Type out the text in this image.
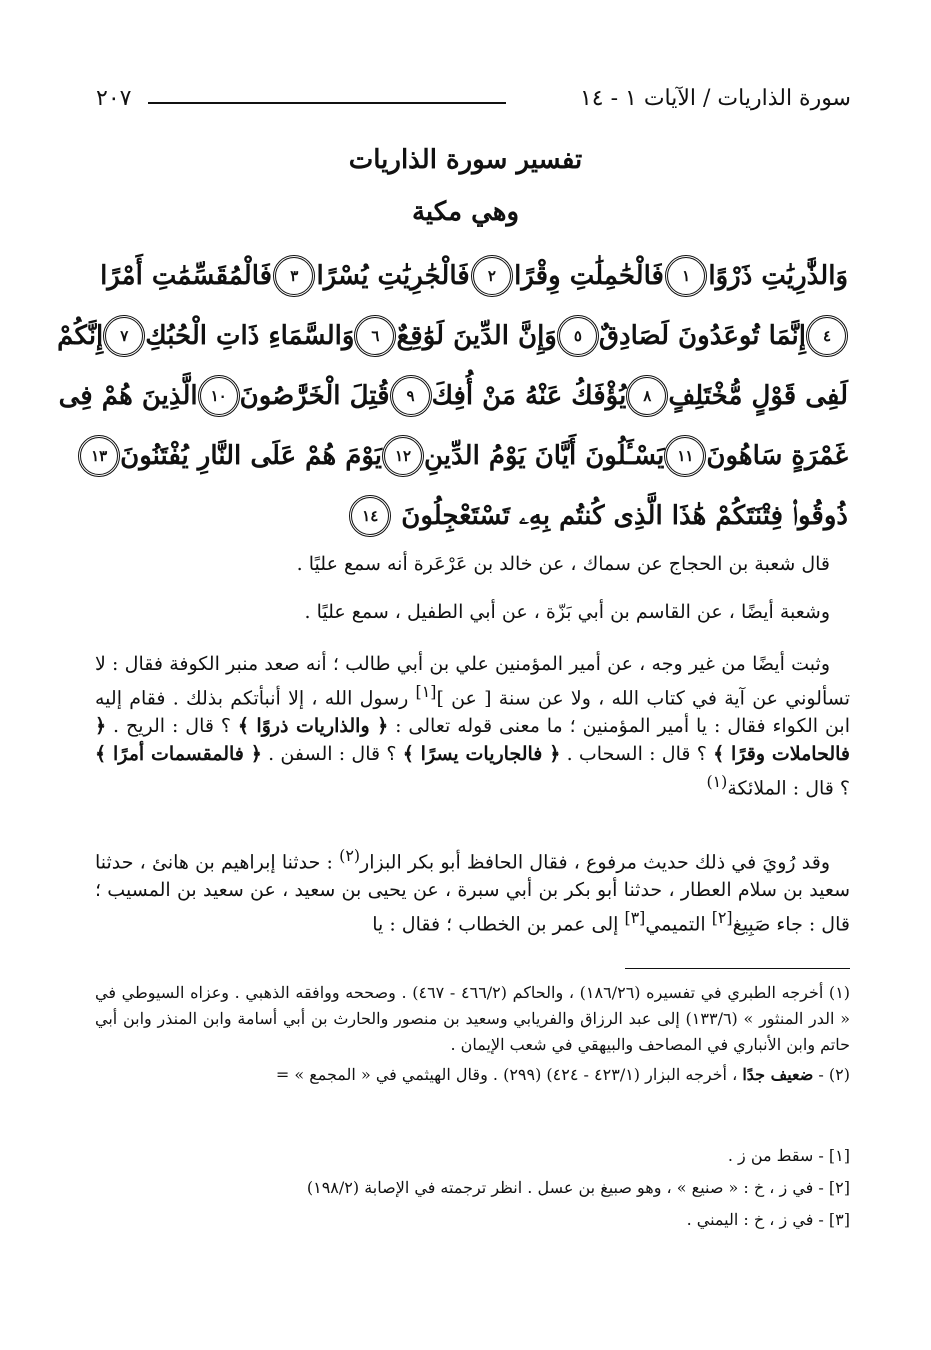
سورة الذاريات / الآيات ١ - ١٤
٢٠٧
تفسير سورة الذاريات
وهي مكية
وَالذَّٰرِيَٰتِ ذَرْوًا
١
فَالْحَٰمِلَٰتِ وِقْرًا
٢
فَالْجَٰرِيَٰتِ يُسْرًا
٣
فَالْمُقَسِّمَٰتِ أَمْرًا
٤
إِنَّمَا تُوعَدُونَ لَصَادِقٌ
٥
وَإِنَّ الدِّينَ لَوَٰقِعٌ
٦
وَالسَّمَاءِ ذَاتِ الْحُبُكِ
٧
إِنَّكُمْ
لَفِى قَوْلٍ مُّخْتَلِفٍ
٨
يُؤْفَكُ عَنْهُ مَنْ أُفِكَ
٩
قُتِلَ الْخَرَّٰصُونَ
١٠
الَّذِينَ هُمْ فِى
غَمْرَةٍ سَاهُونَ
١١
يَسْـَٔلُونَ أَيَّانَ يَوْمُ الدِّينِ
١٢
يَوْمَ هُمْ عَلَى النَّارِ يُفْتَنُونَ
١٣
ذُوقُوا۟ فِتْنَتَكُمْ هَٰذَا الَّذِى كُنتُم بِهِۦ تَسْتَعْجِلُونَ
١٤

قال شعبة بن الحجاج عن سماك ، عن خالد بن عَرْعَرة أنه سمع عليًا .

وشعبة أيضًا ، عن القاسم بن أبي بَزّة ، عن أبي الطفيل ، سمع عليًا .

وثبت أيضًا من غير وجه ، عن أمير المؤمنين علي بن أبي طالب ؛ أنه صعد منبر الكوفة فقال : لا تسألوني عن آية في كتاب الله ، ولا عن سنة [ عن ][١] رسول الله ، إلا أنبأتكم بذلك . فقام إليه ابن الكواء فقال : يا أمير المؤمنين ؛ ما معنى قوله تعالى : ﴿ والذاريات ذروًا ﴾ ؟ قال : الريح . ﴿ فالحاملات وقرًا ﴾ ؟ قال : السحاب . ﴿ فالجاريات يسرًا ﴾ ؟ قال : السفن . ﴿ فالمقسمات أمرًا ﴾ ؟ قال : الملائكة$^{(١)}$

وقد رُويَ في ذلك حديث مرفوع ، فقال الحافظ أبو بكر البزار$^{(٢)}$ : حدثنا إبراهيم بن هانئ ، حدثنا سعيد بن سلام العطار ، حدثنا أبو بكر بن أبي سبرة ، عن يحيى بن سعيد ، عن سعيد بن المسيب ؛ قال : جاء صَبِيغ[٢] التميمي[٣] إلى عمر بن الخطاب ؛ فقال : يا

(١) أخرجه الطبري في تفسيره (١٨٦/٢٦) ، والحاكم (٤٦٦/٢ - ٤٦٧) . وصححه ووافقه الذهبي . وعزاه السيوطي في « الدر المنثور » (١٣٣/٦) إلى عبد الرزاق والفريابي وسعيد بن منصور والحارث بن أبي أسامة وابن المنذر وابن أبي حاتم وابن الأنباري في المصاحف والبيهقي في شعب الإيمان .

(٢) - ضعيف جدًا ، أخرجه البزار (٤٢٣/١ - ٤٢٤) (٢٩٩) . وقال الهيثمي في « المجمع » =

[١] - سقط من ز .

[٢] - في ز ، خ : « صنيع » ، وهو صبيغ بن عسل . انظر ترجمته في الإصابة (١٩٨/٢)

[٣] - في ز ، خ : اليمني .
